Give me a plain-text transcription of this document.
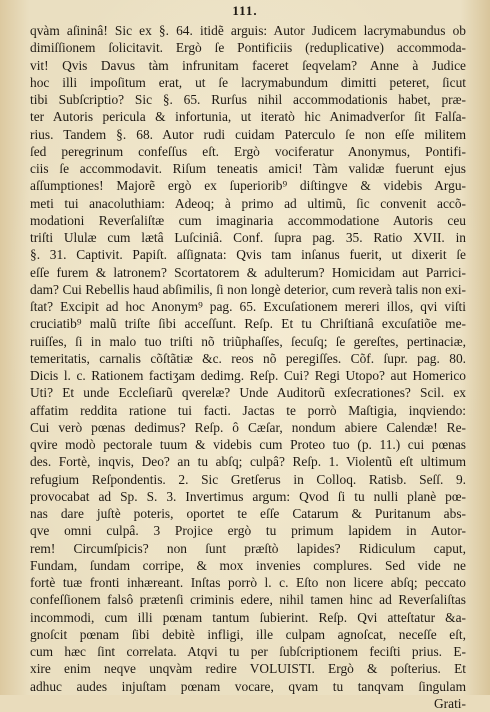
111.
qvàm aſininâ! Sic ex §. 64. itidẽ arguis: Autor Judicem lacrymabundus ob
dimiſſionem ſolicitavit. Ergò ſe Pontificiis (reduplicative) accommoda-
vit! Qvis Davus tàm infrunitam faceret ſeqvelam? Anne à Judice
hoc illi impoſitum erat, ut ſe lacrymabundum dimitti peteret, ſicut
tibi Subſcriptio? Sic §. 65. Rurſus nihil accommodationis habet, præ-
ter Autoris pericula & infortunia, ut iteratò hic Animadverſor ſit Falſa-
rius. Tandem §. 68. Autor rudi cuidam Paterculo ſe non eſſe militem
ſed peregrinum confeſſus eſt. Ergò vociferatur Anonymus, Pontifi-
ciis ſe accommodavit. Riſum teneatis amici! Tàm validæ fuerunt ejus
aſſumptiones! Majorẽ ergò ex ſuperiorib⁹ diſtingve & videbis Argu-
meti tui anacoluthiam: Adeoq; à primo ad ultimũ, ſic convenit accõ-
modationi Reverſaliſtæ cum imaginaria accommodatione Autoris ceu
triſti Ululæ cum lætâ Luſciniâ. Conf. ſupra pag. 35. Ratio XVII. in
§. 31. Captivit. Papiſt. aſſignata: Qvis tam inſanus fuerit, ut dixerit ſe
eſſe furem & latronem? Scortatorem & adulterum? Homicidam aut Parrici-
dam? Cui Rebellis haud abſimilis, ſi non longè deterior, cum reverà talis non exi-
ſtat? Excipit ad hoc Anonym⁹ pag. 65. Excuſationem mereri illos, qvi viſti
cruciatib⁹ malũ triſte ſibi acceſſunt. Reſp. Et tu Chriſtianâ excuſatiõe me-
ruiſſes, ſi in malo tuo triſti nõ triũphaſſes, ſecuſq; ſe gereſtes, pertinaciæ,
temeritatis, carnalis cõſtãtiæ &c. reos nõ peregiſſes. Cõf. ſupr. pag. 80.
Dicis l. c. Rationem factiʒam dedimg. Reſp. Cui? Regi Utopo? aut Homerico
Uti? Et unde Eccleſiarũ qverelæ? Unde Auditorũ exſecrationes? Scil. ex
affatim reddita ratione tui facti. Jactas te porrò Maſtigia, inqviendo:
Cui verò pœnas dedimus? Reſp. ô Cæſar, nondum abiere Calendæ! Re-
qvire modò pectorale tuum & videbis cum Proteo tuo (p. 11.) cui pœnas
des. Fortè, inqvis, Deo? an tu abſq; culpâ? Reſp. 1. Violentũ eſt ultimum
refugium Reſpondentis. 2. Sic Gretſerus in Colloq. Ratisb. Seſſ. 9.
provocabat ad Sp. S. 3. Invertimus argum: Qvod ſi tu nulli planè pœ-
nas dare juſtè poteris, oportet te eſſe Catarum & Puritanum abs-
qve omni culpâ. 3 Projice ergò tu primum lapidem in Autor-
rem! Circumſpicis? non ſunt præſtò lapides? Ridiculum caput,
Fundam, ſundam corripe, & mox invenies complures. Sed vide ne
fortè tuæ fronti inhæreant. Inſtas porrò l. c. Eſto non licere abſq; peccato
confeſſionem falsô prætenſi criminis edere, nihil tamen hinc ad Reverſaliſtas
incommodi, cum illi pœnam tantum ſubierint. Reſp. Qvi atteſtatur &a-
gnoſcit pœnam ſibi debitè infligi, ille culpam agnoſcat, neceſſe eſt,
cum hæc ſint correlata. Atqvi tu per ſubſcriptionem feciſti prius. E-
xire enim neqve unqvàm redire VOLUISTI. Ergò & poſterius. Et
adhuc audes injuſtam pœnam vocare, qvam tu tanqvam ſingulam
Grati-
